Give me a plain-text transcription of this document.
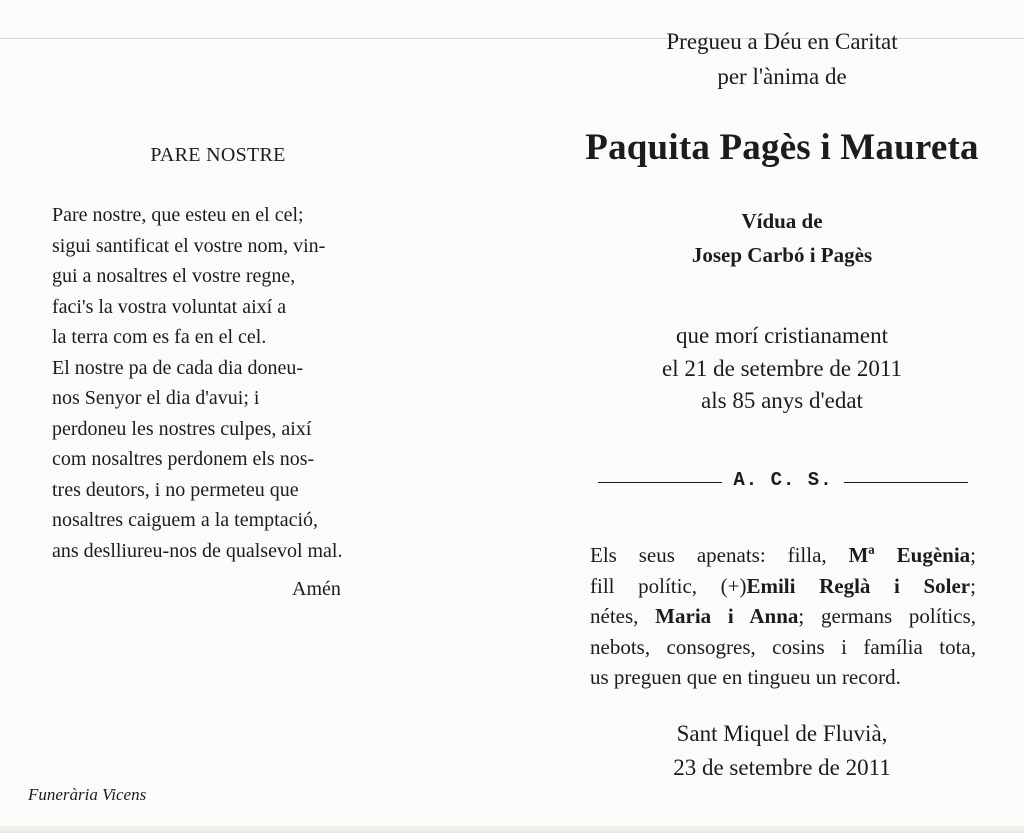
PARE NOSTRE
Pare nostre, que esteu en el cel;
sigui santificat el vostre nom, vin-
gui a nosaltres el vostre regne,
faci's la vostra voluntat així a
la terra com es fa en el cel.
El nostre pa de cada dia doneu-
nos Senyor el dia d'avui; i
perdoneu les nostres culpes, així
com nosaltres perdonem els nos-
tres deutors, i no permeteu que
nosaltres caiguem a la temptació,
ans deslliureu-nos de qualsevol mal.
Amén
Funerària Vicens
Pregueu a Déu en Caritat
per l'ànima de
Paquita Pagès i Maureta
Vídua de
Josep Carbó i Pagès
que morí cristianament
el 21 de setembre de 2011
als 85 anys d'edat
A. C. S.
Els seus apenats: filla, Mª Eugènia;
fill polític, (+)Emili Reglà i Soler;
nétes, Maria i Anna; germans polítics,
nebots, consogres, cosins i família tota,
us preguen que en tingueu un record.
Sant Miquel de Fluvià,
23 de setembre de 2011
